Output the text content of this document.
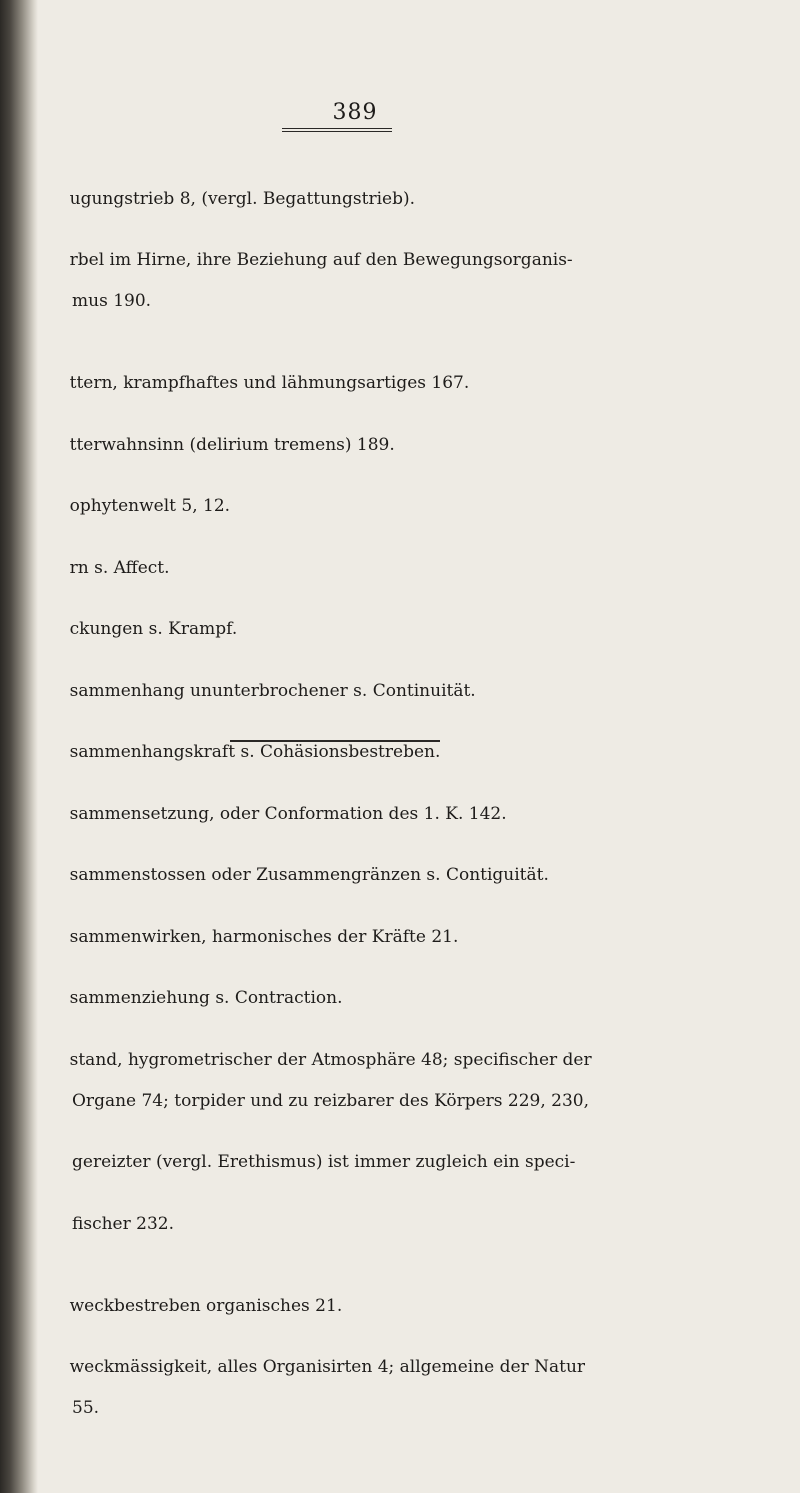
389

ugungstrieb 8, (vergl. Begattungstrieb).

rbel im Hirne, ihre Beziehung auf den Bewegungsorganis-

mus 190.

ttern, krampfhaftes und lähmungsartiges 167.

tterwahnsinn (delirium tremens) 189.

ophytenwelt 5, 12.

rn s. Affect.

ckungen s. Krampf.

sammenhang ununterbrochener s. Continuität.

sammenhangskraft s. Cohäsionsbestreben.

sammensetzung, oder Conformation des 1. K. 142.

sammenstossen oder Zusammengränzen s. Contiguität.

sammenwirken, harmonisches der Kräfte 21.

sammenziehung s. Contraction.

stand, hygrometrischer der Atmosphäre 48; specifischer der

Organe 74; torpider und zu reizbarer des Körpers 229, 230,

gereizter (vergl. Erethismus) ist immer zugleich ein speci-

fischer 232.

weckbestreben organisches 21.

weckmässigkeit, alles Organisirten 4; allgemeine der Natur

55.
